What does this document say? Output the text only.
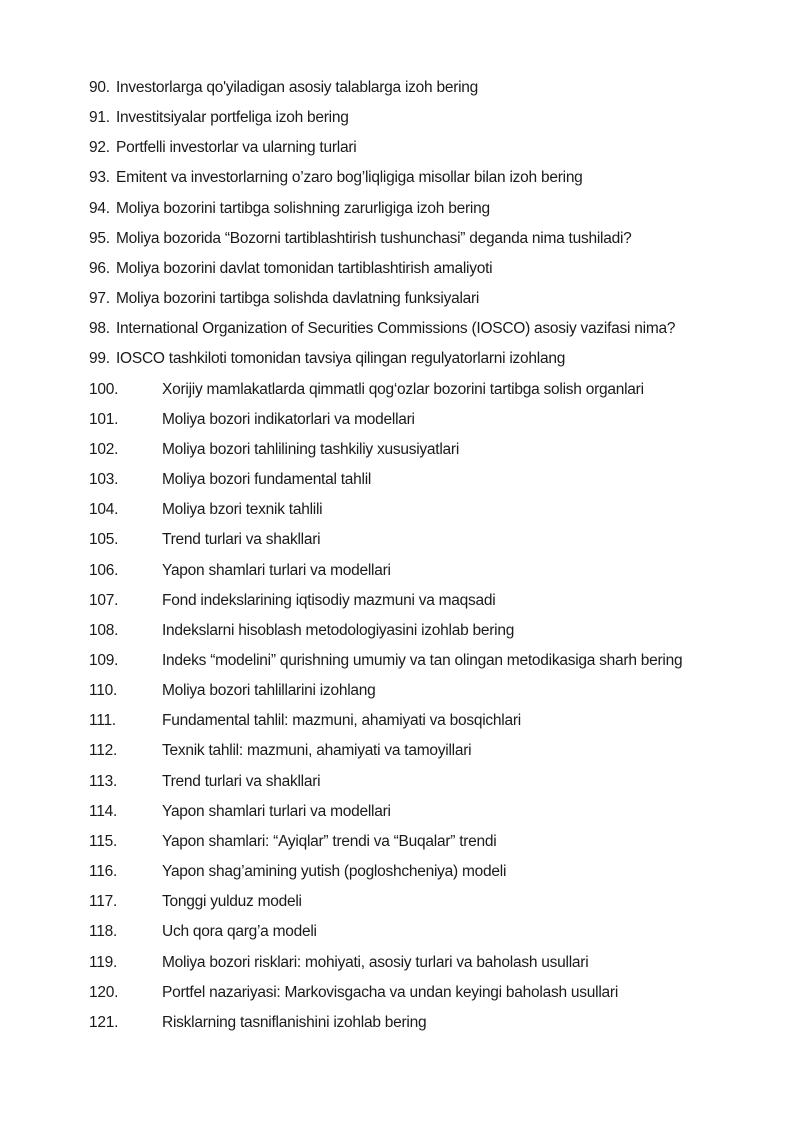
90. Investorlarga qo'yiladigan asosiy talablarga izoh bering
91. Investitsiyalar portfeliga izoh bering
92. Portfelli investorlar va ularning turlari
93. Emitent va investorlarning o’zaro bog’liqligiga misollar bilan izoh bering
94. Moliya bozorini tartibga solishning zarurligiga izoh bering
95. Moliya bozorida “Bozorni tartiblashtirish tushunchasi” deganda nima tushiladi?
96. Moliya bozorini davlat tomonidan tartiblashtirish amaliyoti
97. Moliya bozorini tartibga solishda davlatning funksiyalari
98. International Organization of Securities Commissions (IOSCO) asosiy vazifasi nima?
99. IOSCO tashkiloti tomonidan tavsiya qilingan regulyatorlarni izohlang
100.	Xorijiy mamlakatlarda qimmatli qog‘ozlar bozorini tartibga solish organlari
101.	Moliya bozori indikatorlari va modellari
102.	Moliya bozori tahlilining tashkiliy xususiyatlari
103.	Moliya bozori fundamental tahlil
104.	Moliya bzori texnik tahlili
105.	Trend turlari va shakllari
106.	Yapon shamlari turlari va modellari
107.	Fond indekslarining iqtisodiy mazmuni va maqsadi
108.	Indekslarni hisoblash metodologiyasini izohlab bering
109.	Indeks “modelini” qurishning umumiy va tan olingan metodikasiga sharh bering
110.	Moliya bozori tahlillarini izohlang
111.	Fundamental tahlil: mazmuni, ahamiyati va bosqichlari
112.	Texnik tahlil: mazmuni, ahamiyati va tamoyillari
113.	Trend turlari va shakllari
114.	Yapon shamlari turlari va modellari
115.	Yapon shamlari: “Ayiqlar” trendi va “Buqalar” trendi
116.	Yapon shag’amining yutish (pogloshcheniya) modeli
117.	Tonggi yulduz modeli
118.	Uch qora qarg’a modeli
119.	Moliya bozori risklari: mohiyati, asosiy turlari va baholash usullari
120.	Portfel nazariyasi: Markovisgacha va undan keyingi baholash usullari
121.	Risklarning tasniflanishini izohlab bering
